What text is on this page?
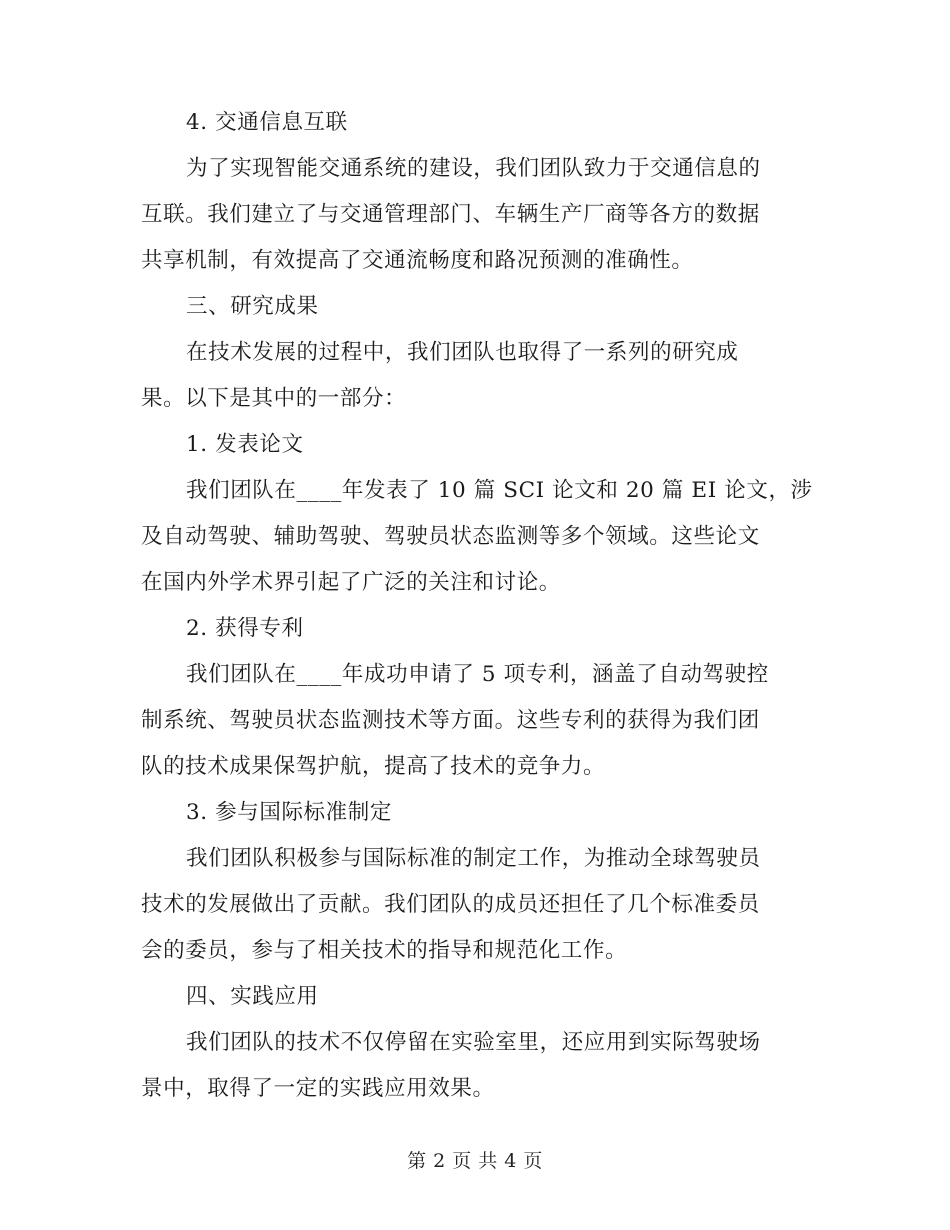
4. 交通信息互联
为了实现智能交通系统的建设，我们团队致力于交通信息的
互联。我们建立了与交通管理部门、车辆生产厂商等各方的数据
共享机制，有效提高了交通流畅度和路况预测的准确性。
三、研究成果
在技术发展的过程中，我们团队也取得了一系列的研究成
果。以下是其中的一部分：
1. 发表论文
我们团队在____年发表了 10 篇 SCI 论文和 20 篇 EI 论文，涉
及自动驾驶、辅助驾驶、驾驶员状态监测等多个领域。这些论文
在国内外学术界引起了广泛的关注和讨论。
2. 获得专利
我们团队在____年成功申请了 5 项专利，涵盖了自动驾驶控
制系统、驾驶员状态监测技术等方面。这些专利的获得为我们团
队的技术成果保驾护航，提高了技术的竞争力。
3. 参与国际标准制定
我们团队积极参与国际标准的制定工作，为推动全球驾驶员
技术的发展做出了贡献。我们团队的成员还担任了几个标准委员
会的委员，参与了相关技术的指导和规范化工作。
四、实践应用
我们团队的技术不仅停留在实验室里，还应用到实际驾驶场
景中，取得了一定的实践应用效果。
第 2 页 共 4 页
